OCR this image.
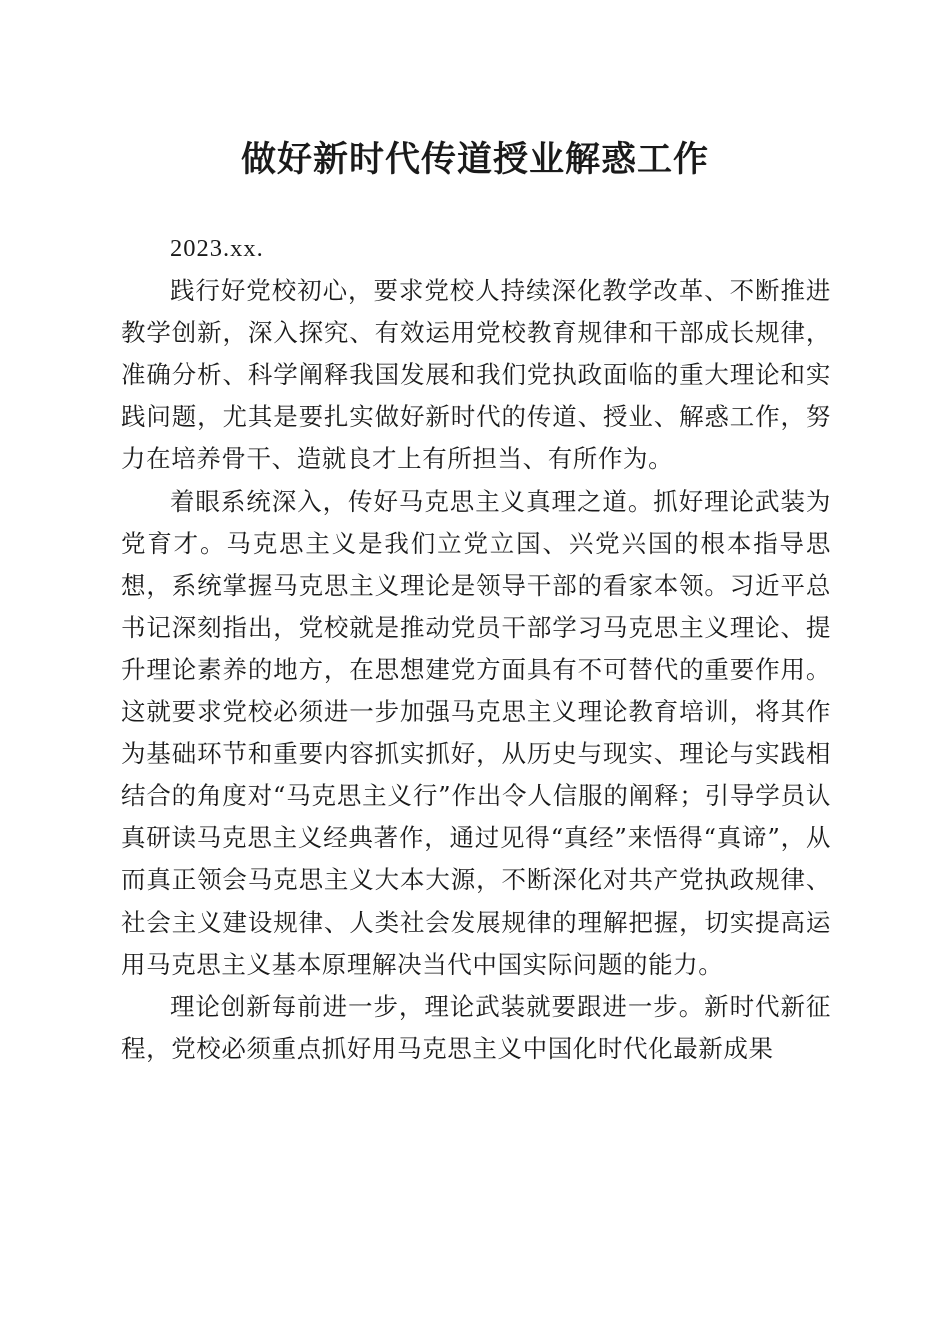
做好新时代传道授业解惑工作

2023.xx.

践行好党校初心，要求党校人持续深化教学改革、不断推进教学创新，深入探究、有效运用党校教育规律和干部成长规律，准确分析、科学阐释我国发展和我们党执政面临的重大理论和实践问题，尤其是要扎实做好新时代的传道、授业、解惑工作，努力在培养骨干、造就良才上有所担当、有所作为。

着眼系统深入，传好马克思主义真理之道。抓好理论武装为党育才。马克思主义是我们立党立国、兴党兴国的根本指导思想，系统掌握马克思主义理论是领导干部的看家本领。习近平总书记深刻指出，党校就是推动党员干部学习马克思主义理论、提升理论素养的地方，在思想建党方面具有不可替代的重要作用。这就要求党校必须进一步加强马克思主义理论教育培训，将其作为基础环节和重要内容抓实抓好，从历史与现实、理论与实践相结合的角度对“马克思主义行”作出令人信服的阐释；引导学员认真研读马克思主义经典著作，通过见得“真经”来悟得“真谛”，从而真正领会马克思主义大本大源，不断深化对共产党执政规律、社会主义建设规律、人类社会发展规律的理解把握，切实提高运用马克思主义基本原理解决当代中国实际问题的能力。

理论创新每前进一步，理论武装就要跟进一步。新时代新征程，党校必须重点抓好用马克思主义中国化时代化最新成果
